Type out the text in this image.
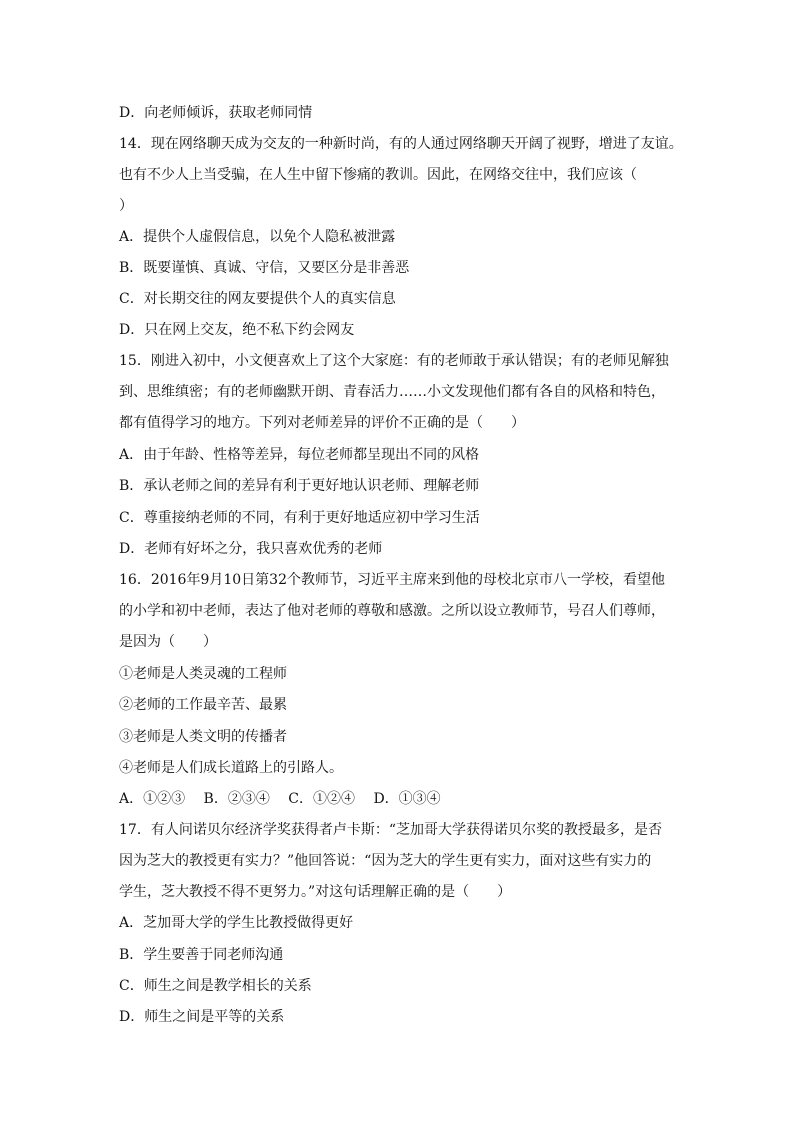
D．向老师倾诉，获取老师同情
14．现在网络聊天成为交友的一种新时尚，有的人通过网络聊天开阔了视野，增进了友谊。
也有不少人上当受骗，在人生中留下惨痛的教训。因此，在网络交往中，我们应该（
）
A．提供个人虚假信息，以免个人隐私被泄露
B．既要谨慎、真诚、守信，又要区分是非善恶
C．对长期交往的网友要提供个人的真实信息
D．只在网上交友，绝不私下约会网友
15．刚进入初中，小文便喜欢上了这个大家庭：有的老师敢于承认错误；有的老师见解独
到、思维缜密；有的老师幽默开朗、青春活力……小文发现他们都有各自的风格和特色，
都有值得学习的地方。下列对老师差异的评价不正确的是（　　）
A．由于年龄、性格等差异，每位老师都呈现出不同的风格
B．承认老师之间的差异有利于更好地认识老师、理解老师
C．尊重接纳老师的不同，有利于更好地适应初中学习生活
D．老师有好坏之分，我只喜欢优秀的老师
16．2016年9月10日第32个教师节，习近平主席来到他的母校北京市八一学校，看望他
的小学和初中老师，表达了他对老师的尊敬和感激。之所以设立教师节，号召人们尊师，
是因为（　　）
①老师是人类灵魂的工程师
②老师的工作最辛苦、最累
③老师是人类文明的传播者
④老师是人们成长道路上的引路人。
A．①②③　 B．②③④　 C．①②④　 D．①③④
17．有人问诺贝尔经济学奖获得者卢卡斯：“芝加哥大学获得诺贝尔奖的教授最多，是否
因为芝大的教授更有实力？”他回答说：“因为芝大的学生更有实力，面对这些有实力的
学生，芝大教授不得不更努力。”对这句话理解正确的是（　　）
A．芝加哥大学的学生比教授做得更好
B．学生要善于同老师沟通
C．师生之间是教学相长的关系
D．师生之间是平等的关系
